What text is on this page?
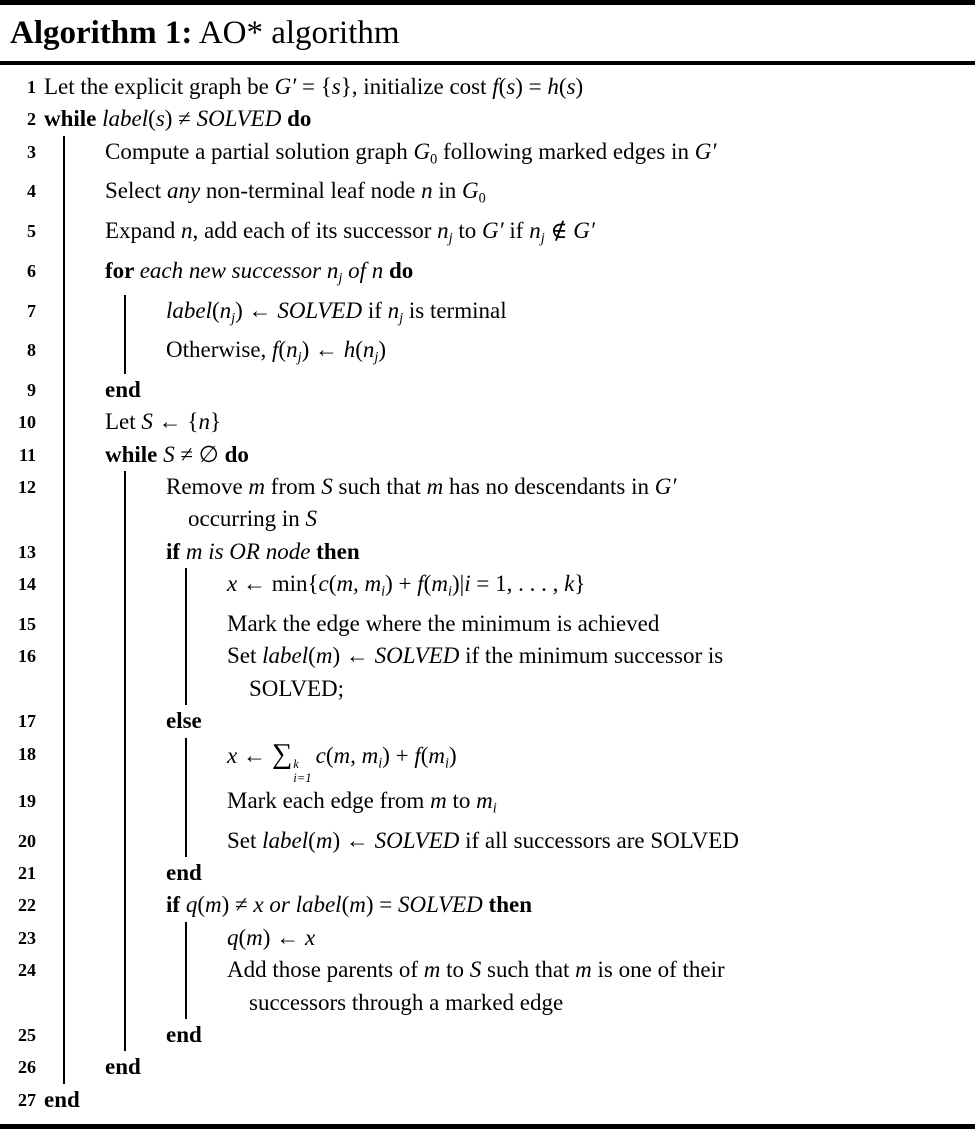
Algorithm 1: AO* algorithm
1 Let the explicit graph be G′ = {s}, initialize cost f(s) = h(s)
2 while label(s) ≠ SOLVED do
3	Compute a partial solution graph $G_0$ following marked edges in G′
4	Select any non-terminal leaf node n in $G_0$
5	Expand n, add each of its successor $n_j$ to G′ if $n_j$ ∉ G′
6	for each new successor $n_j$ of n do
7	$label(n_j)$ ← SOLVED if $n_j$ is terminal
8	Otherwise, $f(n_j)$ ← $h(n_j)$
9	end
10	Let S ← {n}
11	while S ≠ ∅ do
12	Remove m from S such that m has no descendants in G′
occurring in S
13	if m is OR node then
14	x ← min{c(m, $m_i) + f(m_i)|i = 1$, . . . , k}
15	Mark the edge where the minimum is achieved
16	Set label(m) ← SOLVED if the minimum successor is
SOLVED;
17	else
18	x ← ∑ k
i=1
c(m, $m_i) + f(m_i)$
19	Mark each edge from m to $m_i$
20	Set label(m) ← SOLVED if all successors are SOLVED
21	end
22	if q(m) ≠ x or label(m) = SOLVED then
23	q(m) ← x
24	Add those parents of m to S such that m is one of their
successors through a marked edge
25	end
26	end
27 end
